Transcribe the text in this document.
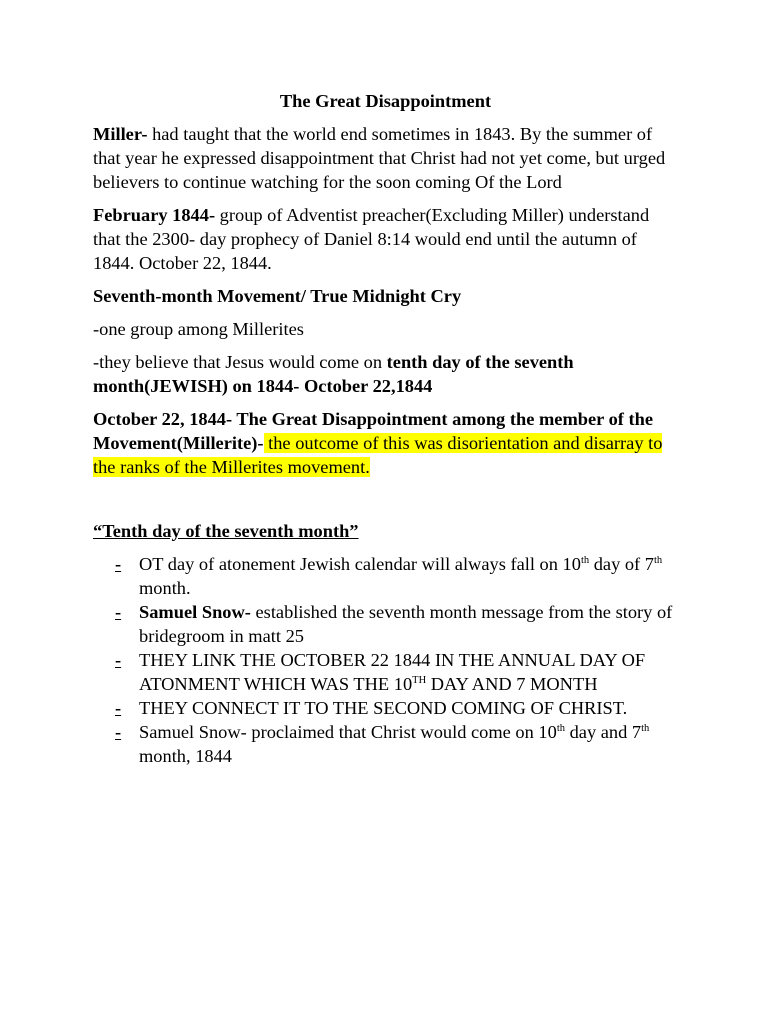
The Great Disappointment

Miller- had taught that the world end sometimes in 1843. By the summer of that year he expressed disappointment that Christ had not yet come, but urged believers to continue watching for the soon coming Of the Lord

February 1844- group of Adventist preacher(Excluding Miller) understand that the 2300- day prophecy of Daniel 8:14 would end until the autumn of 1844. October 22, 1844.

Seventh-month Movement/ True Midnight Cry

-one group among Millerites

-they believe that Jesus would come on tenth day of the seventh month(JEWISH) on 1844- October 22,1844

October 22, 1844- The Great Disappointment among the member of the Movement(Millerite)- the outcome of this was disorientation and disarray to the ranks of the Millerites movement.

“Tenth day of the seventh month”
- OT day of atonement Jewish calendar will always fall on 10th day of 7th month.
- Samuel Snow- established the seventh month message from the story of bridegroom in matt 25
- THEY LINK THE OCTOBER 22 1844 IN THE ANNUAL DAY OF ATONMENT WHICH WAS THE 10TH DAY AND 7 MONTH
- THEY CONNECT IT TO THE SECOND COMING OF CHRIST.
- Samuel Snow- proclaimed that Christ would come on 10th day and 7th month, 1844
